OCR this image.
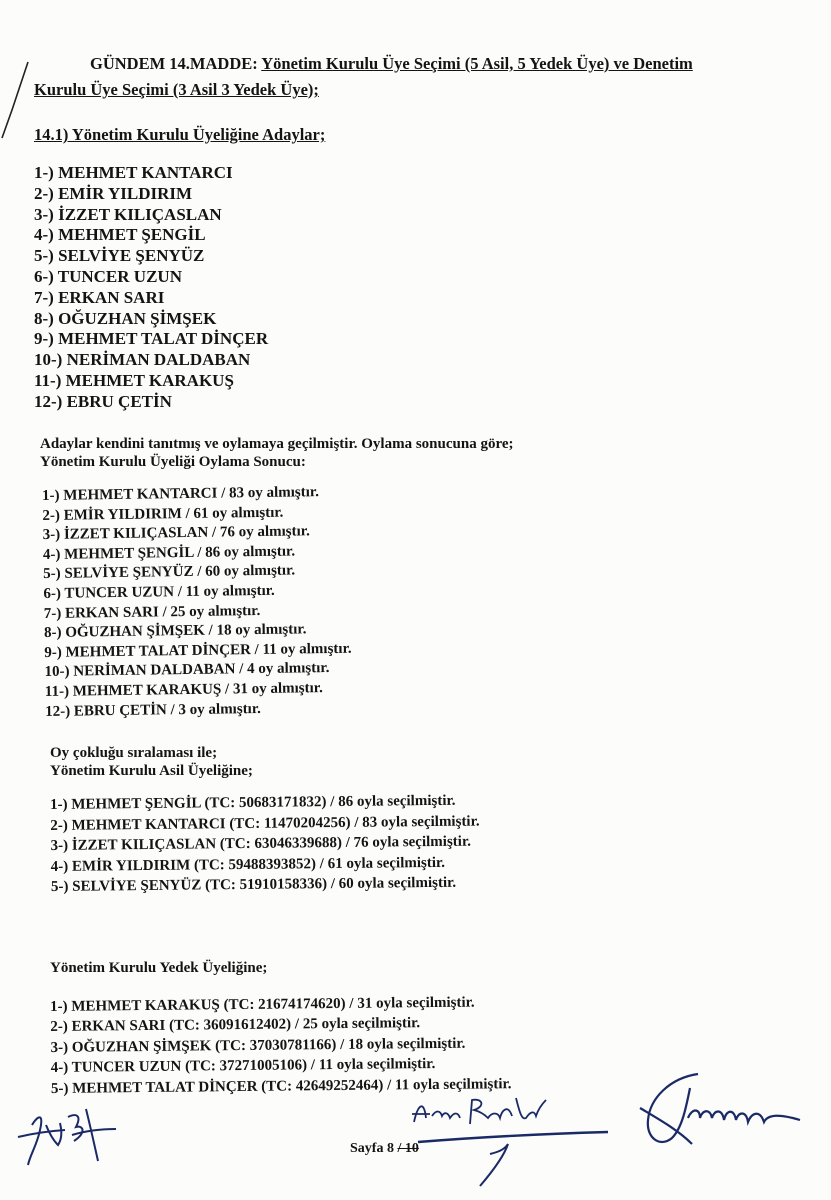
GÜNDEM 14.MADDE: Yönetim Kurulu Üye Seçimi (5 Asil, 5 Yedek Üye) ve Denetim
Kurulu Üye Seçimi (3 Asil 3 Yedek Üye);
14.1) Yönetim Kurulu Üyeliğine Adaylar;
1-) MEHMET KANTARCI
2-) EMİR YILDIRIM
3-) İZZET KILIÇASLAN
4-) MEHMET ŞENGİL
5-) SELVİYE ŞENYÜZ
6-) TUNCER UZUN
7-) ERKAN SARI
8-) OĞUZHAN ŞİMŞEK
9-) MEHMET TALAT DİNÇER
10-) NERİMAN DALDABAN
11-) MEHMET KARAKUŞ
12-) EBRU ÇETİN
Adaylar kendini tanıtmış ve oylamaya geçilmiştir. Oylama sonucuna göre;
Yönetim Kurulu Üyeliği Oylama Sonucu:
1-) MEHMET KANTARCI / 83 oy almıştır.
2-) EMİR YILDIRIM / 61 oy almıştır.
3-) İZZET KILIÇASLAN / 76 oy almıştır.
4-) MEHMET ŞENGİL / 86 oy almıştır.
5-) SELVİYE ŞENYÜZ / 60 oy almıştır.
6-) TUNCER UZUN / 11 oy almıştır.
7-) ERKAN SARI / 25 oy almıştır.
8-) OĞUZHAN ŞİMŞEK / 18 oy almıştır.
9-) MEHMET TALAT DİNÇER / 11 oy almıştır.
10-) NERİMAN DALDABAN / 4 oy almıştır.
11-) MEHMET KARAKUŞ / 31 oy almıştır.
12-) EBRU ÇETİN / 3 oy almıştır.
Oy çokluğu sıralaması ile;
Yönetim Kurulu Asil Üyeliğine;
1-) MEHMET ŞENGİL (TC: 50683171832) / 86 oyla seçilmiştir.
2-) MEHMET KANTARCI (TC: 11470204256) / 83 oyla seçilmiştir.
3-) İZZET KILIÇASLAN (TC: 63046339688) / 76 oyla seçilmiştir.
4-) EMİR YILDIRIM (TC: 59488393852) / 61 oyla seçilmiştir.
5-) SELVİYE ŞENYÜZ (TC: 51910158336) / 60 oyla seçilmiştir.
Yönetim Kurulu Yedek Üyeliğine;
1-) MEHMET KARAKUŞ (TC: 21674174620) / 31 oyla seçilmiştir.
2-) ERKAN SARI (TC: 36091612402) / 25 oyla seçilmiştir.
3-) OĞUZHAN ŞİMŞEK (TC: 37030781166) / 18 oyla seçilmiştir.
4-) TUNCER UZUN (TC: 37271005106) / 11 oyla seçilmiştir.
5-) MEHMET TALAT DİNÇER (TC: 42649252464) / 11 oyla seçilmiştir.
Sayfa 8 / 10
